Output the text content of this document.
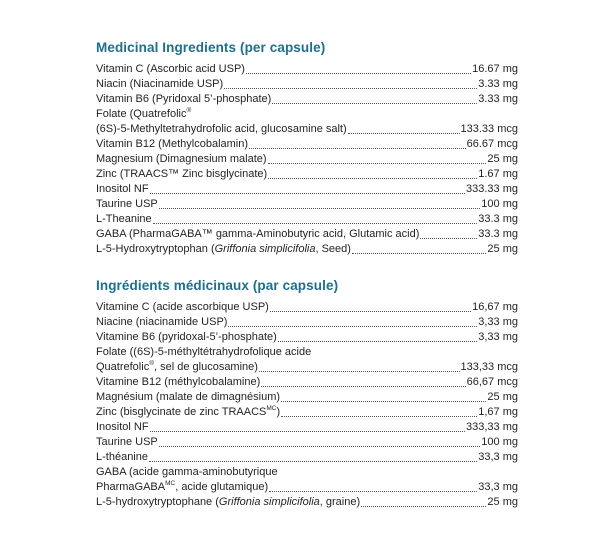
Medicinal Ingredients (per capsule)
Vitamin C (Ascorbic acid USP)	16.67 mg
Niacin (Niacinamide USP)	3.33 mg
Vitamin B6 (Pyridoxal 5’-phosphate)	3.33 mg
Folate (Quatrefolic®
(6S)-5-Methyltetrahydrofolic acid, glucosamine salt)	133.33 mcg
Vitamin B12 (Methylcobalamin)	66.67 mcg
Magnesium (Dimagnesium malate)	25 mg
Zinc (TRAACS™ Zinc bisglycinate)	1.67 mg
Inositol NF	333.33 mg
Taurine USP	100 mg
L-Theanine	33.3 mg
GABA (PharmaGABA™ gamma-Aminobutyric acid, Glutamic acid)	33.3 mg
L-5-Hydroxytryptophan (Griffonia simplicifolia, Seed)	25 mg
Ingrédients médicinaux (par capsule)
Vitamine C (acide ascorbique USP)	16,67 mg
Niacine (niacinamide USP)	3,33 mg
Vitamine B6 (pyridoxal-5’-phosphate)	3,33 mg
Folate ((6S)-5-méthyltétrahydrofolique acide
Quatrefolic®, sel de glucosamine)	133,33 mcg
Vitamine B12 (méthylcobalamine)	66,67 mcg
Magnésium (malate de dimagnésium)	25 mg
Zinc (bisglycinate de zinc $TRAACS^{MC}$)	1,67 mg
Inositol NF	333,33 mg
Taurine USP	100 mg
L-théanine	33,3 mg
GABA (acide gamma-aminobutyrique
PharmaGABA$^{MC}$, acide glutamique)	33,3 mg
L-5-hydroxytryptophane (Griffonia simplicifolia, graine)	25 mg
